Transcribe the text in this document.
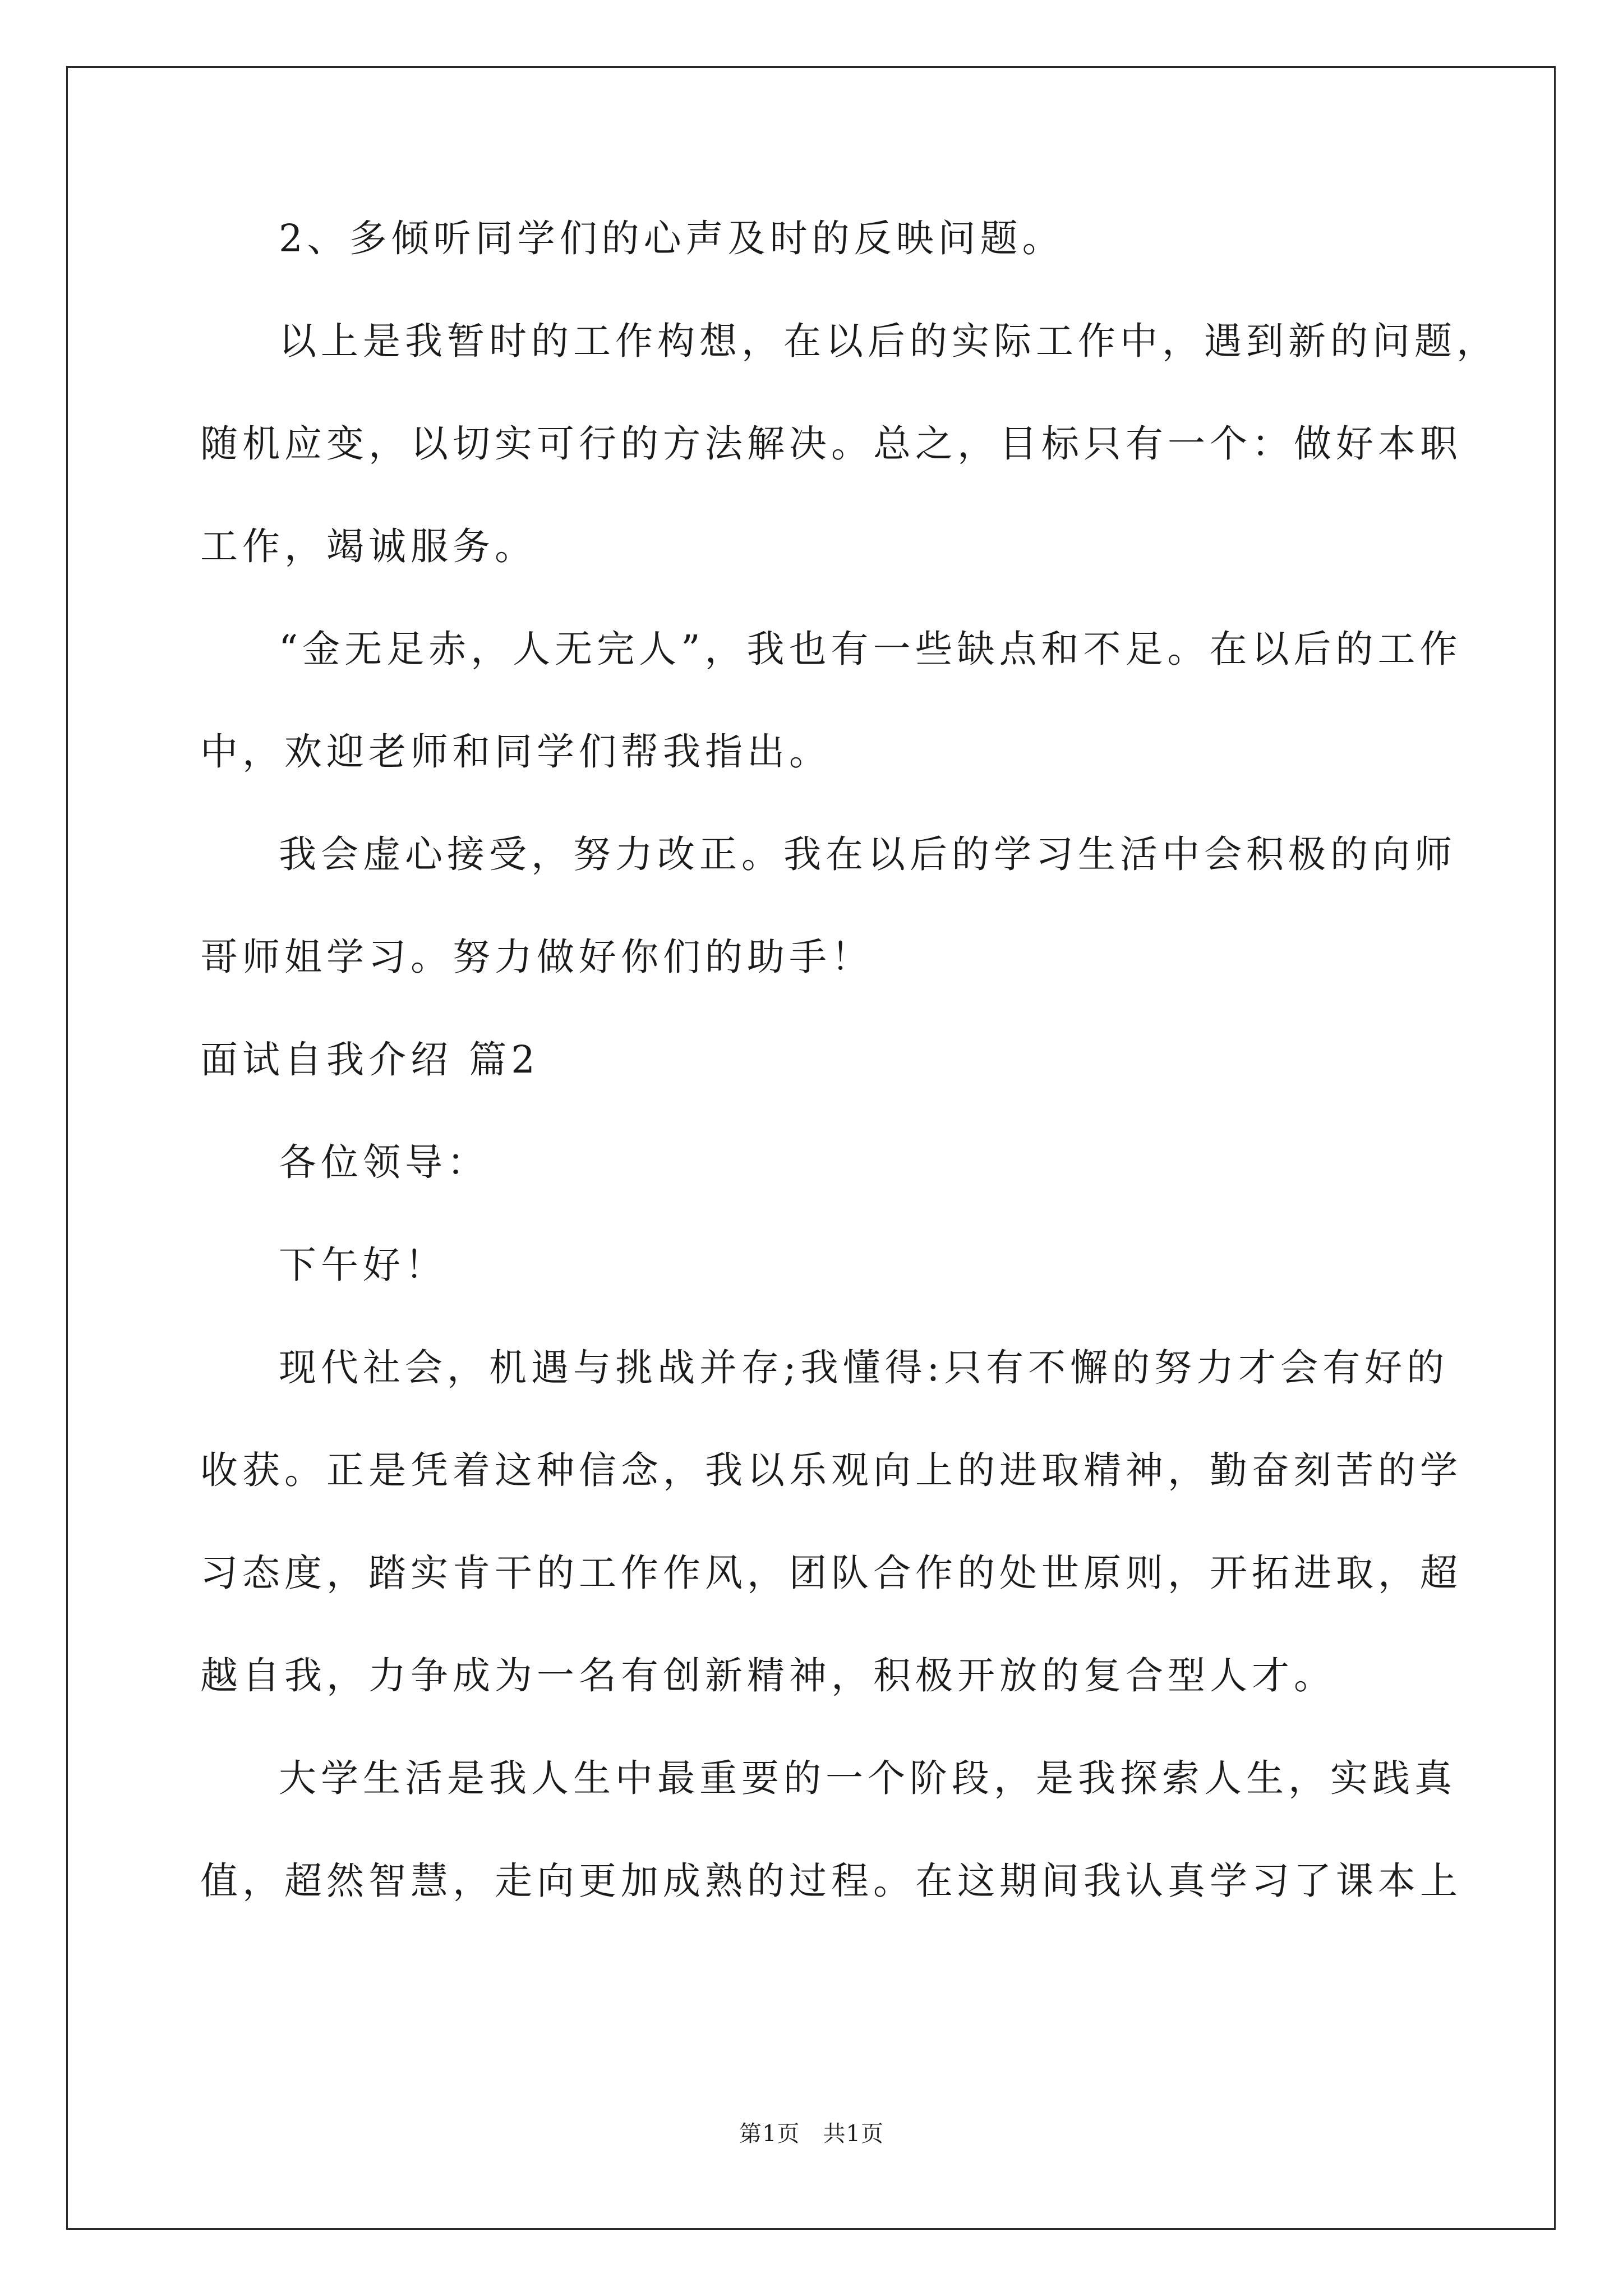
2、多倾听同学们的心声及时的反映问题。
以上是我暂时的工作构想，在以后的实际工作中，遇到新的问题，
随机应变，以切实可行的方法解决。总之，目标只有一个：做好本职
工作，竭诚服务。
“金无足赤，人无完人”，我也有一些缺点和不足。在以后的工作
中，欢迎老师和同学们帮我指出。
我会虚心接受，努力改正。我在以后的学习生活中会积极的向师
哥师姐学习。努力做好你们的助手！
面试自我介绍 篇2
各位领导：
下午好！
现代社会，机遇与挑战并存;我懂得:只有不懈的努力才会有好的
收获。正是凭着这种信念，我以乐观向上的进取精神，勤奋刻苦的学
习态度，踏实肯干的工作作风，团队合作的处世原则，开拓进取，超
越自我，力争成为一名有创新精神，积极开放的复合型人才。
大学生活是我人生中最重要的一个阶段，是我探索人生，实践真
值，超然智慧，走向更加成熟的过程。在这期间我认真学习了课本上
第1页   共1页
